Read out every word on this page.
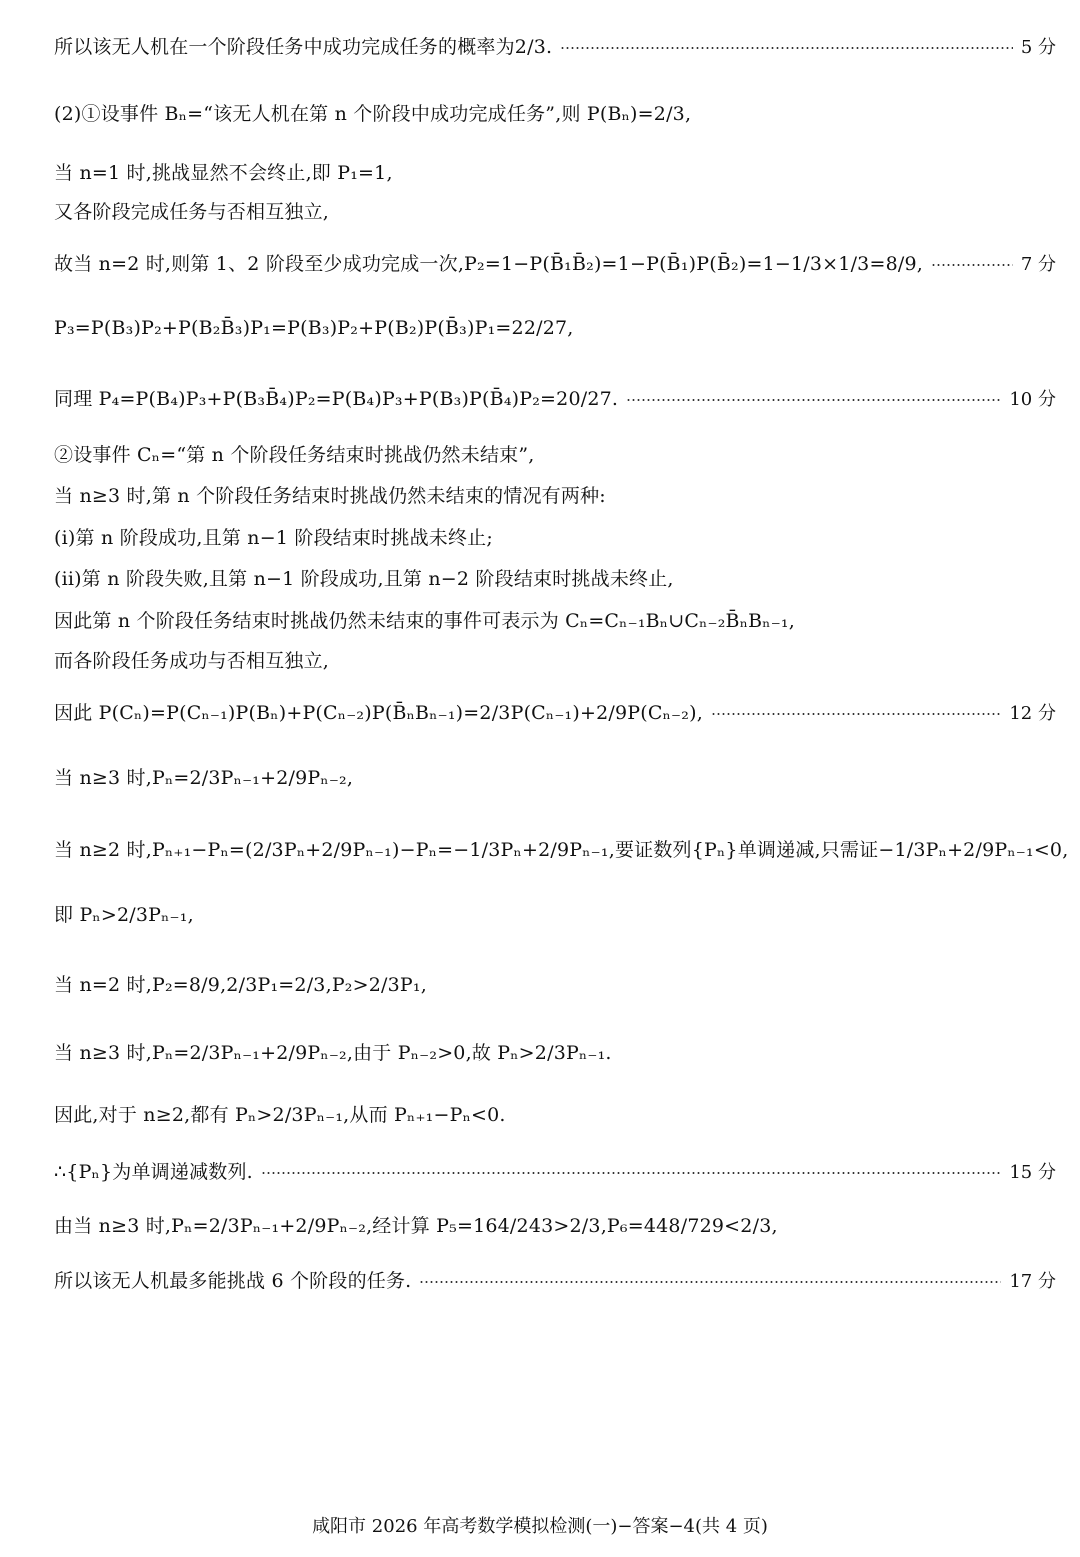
所以该无人机在一个阶段任务中成功完成任务的概率为2/3.	5 分
(2)①设事件 Bₙ=“该无人机在第 n 个阶段中成功完成任务”,则 P(Bₙ)=2/3,
当 n=1 时,挑战显然不会终止,即 P₁=1,
又各阶段完成任务与否相互独立,
故当 n=2 时,则第 1、2 阶段至少成功完成一次,P₂=1−P(B̄₁B̄₂)=1−P(B̄₁)P(B̄₂)=1−1/3×1/3=8/9,	7 分
P₃=P(B₃)P₂+P(B₂B̄₃)P₁=P(B₃)P₂+P(B₂)P(B̄₃)P₁=22/27,
同理 P₄=P(B₄)P₃+P(B₃B̄₄)P₂=P(B₄)P₃+P(B₃)P(B̄₄)P₂=20/27.	10 分
②设事件 Cₙ=“第 n 个阶段任务结束时挑战仍然未结束”,
当 n≥3 时,第 n 个阶段任务结束时挑战仍然未结束的情况有两种:
(i)第 n 阶段成功,且第 n−1 阶段结束时挑战未终止;
(ii)第 n 阶段失败,且第 n−1 阶段成功,且第 n−2 阶段结束时挑战未终止,
因此第 n 个阶段任务结束时挑战仍然未结束的事件可表示为 Cₙ=Cₙ₋₁Bₙ∪Cₙ₋₂B̄ₙBₙ₋₁,
而各阶段任务成功与否相互独立,
因此 P(Cₙ)=P(Cₙ₋₁)P(Bₙ)+P(Cₙ₋₂)P(B̄ₙBₙ₋₁)=2/3P(Cₙ₋₁)+2/9P(Cₙ₋₂),	12 分
当 n≥3 时,Pₙ=2/3Pₙ₋₁+2/9Pₙ₋₂,
当 n≥2 时,Pₙ₊₁−Pₙ=(2/3Pₙ+2/9Pₙ₋₁)−Pₙ=−1/3Pₙ+2/9Pₙ₋₁,要证数列{Pₙ}单调递减,只需证−1/3Pₙ+2/9Pₙ₋₁<0,
即 Pₙ>2/3Pₙ₋₁,
当 n=2 时,P₂=8/9,2/3P₁=2/3,P₂>2/3P₁,
当 n≥3 时,Pₙ=2/3Pₙ₋₁+2/9Pₙ₋₂,由于 Pₙ₋₂>0,故 Pₙ>2/3Pₙ₋₁.
因此,对于 n≥2,都有 Pₙ>2/3Pₙ₋₁,从而 Pₙ₊₁−Pₙ<0.
∴{Pₙ}为单调递减数列.	15 分
由当 n≥3 时,Pₙ=2/3Pₙ₋₁+2/9Pₙ₋₂,经计算 P₅=164/243>2/3,P₆=448/729<2/3,
所以该无人机最多能挑战 6 个阶段的任务.	17 分
咸阳市 2026 年高考数学模拟检测(一)−答案−4(共 4 页)
